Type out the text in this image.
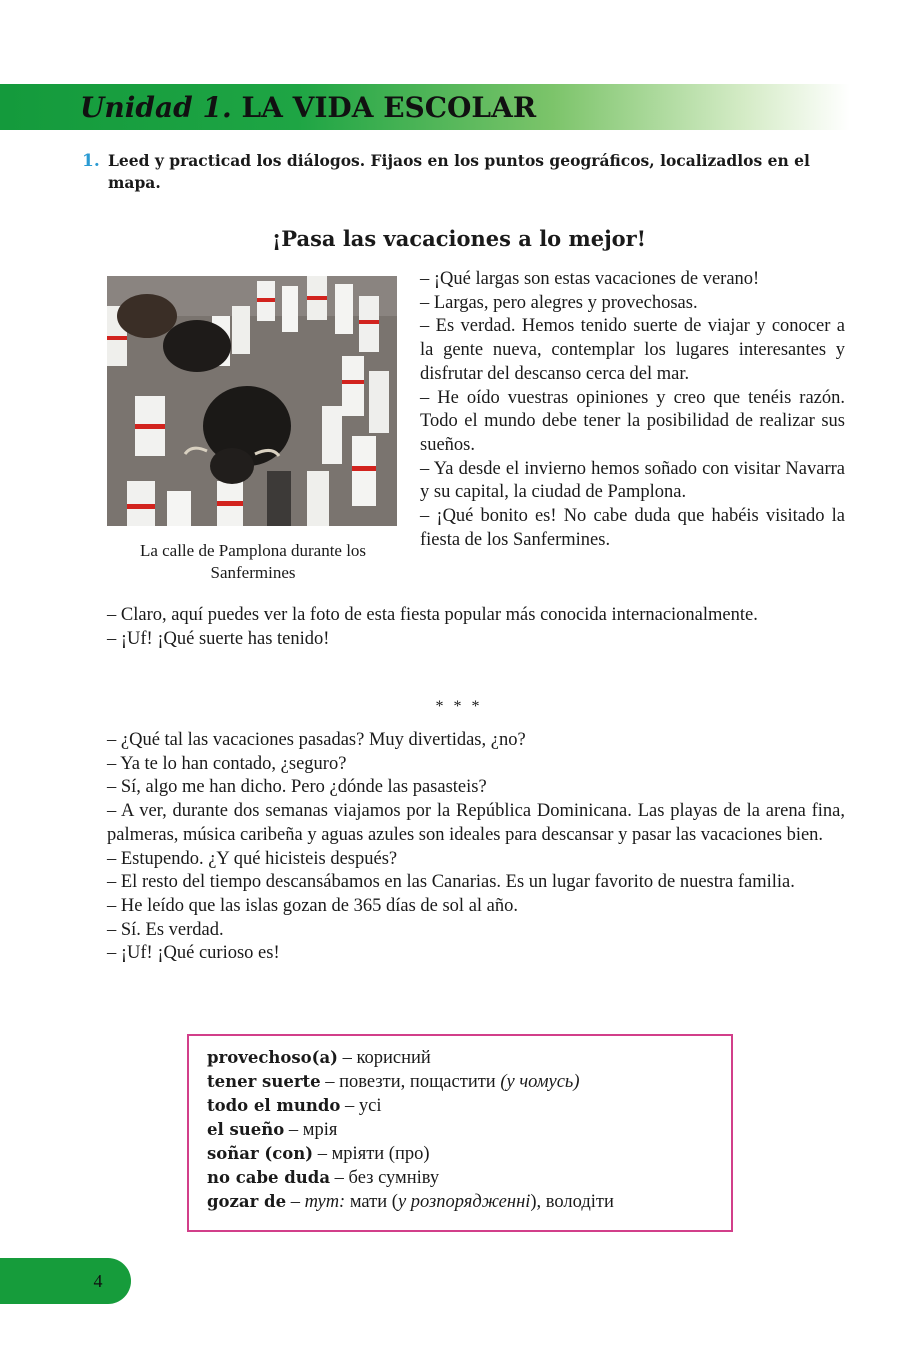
Unidad 1. LA VIDA ESCOLAR
1. Leed y practicad los diálogos. Fijaos en los puntos geográficos, localizadlos en el mapa.
¡Pasa las vacaciones a lo mejor!
La calle de Pamplona durante los Sanfermines

– ¡Qué largas son estas vacaciones de verano!

– Largas, pero alegres y provechosas.

– Es verdad. Hemos tenido suerte de viajar y conocer a la gente nueva, contemplar los lugares interesantes y disfrutar del descanso cerca del mar.

– He oído vuestras opiniones y creo que tenéis razón. Todo el mundo debe tener la posibilidad de realizar sus sueños.

– Ya desde el invierno hemos soñado con visitar Navarra y su capital, la ciudad de Pamplona.

– ¡Qué bonito es! No cabe duda que habéis visitado la fiesta de los Sanfermines.

– Claro, aquí puedes ver la foto de esta fiesta popular más conocida internacionalmente.

– ¡Uf! ¡Qué suerte has tenido!

* * *

– ¿Qué tal las vacaciones pasadas? Muy divertidas, ¿no?

– Ya te lo han contado, ¿seguro?

– Sí, algo me han dicho. Pero ¿dónde las pasasteis?

– A ver, durante dos semanas viajamos por la República Dominicana. Las playas de la arena fina, palmeras, música caribeña y aguas azules son ideales para descansar y pasar las vacaciones bien.

– Estupendo. ¿Y qué hicisteis después?

– El resto del tiempo descansábamos en las Canarias. Es un lugar favorito de nuestra familia.

– He leído que las islas gozan de 365 días de sol al año.

– Sí. Es verdad.

– ¡Uf! ¡Qué curioso es!

provechoso(a) – корисний

tener suerte – повезти, пощастити (у чомусь)

todo el mundo – усі

el sueño – мрія

soñar (con) – мріяти (про)

no cabe duda – без сумніву

gozar de – тут: мати (у розпорядженні), володіти

4
